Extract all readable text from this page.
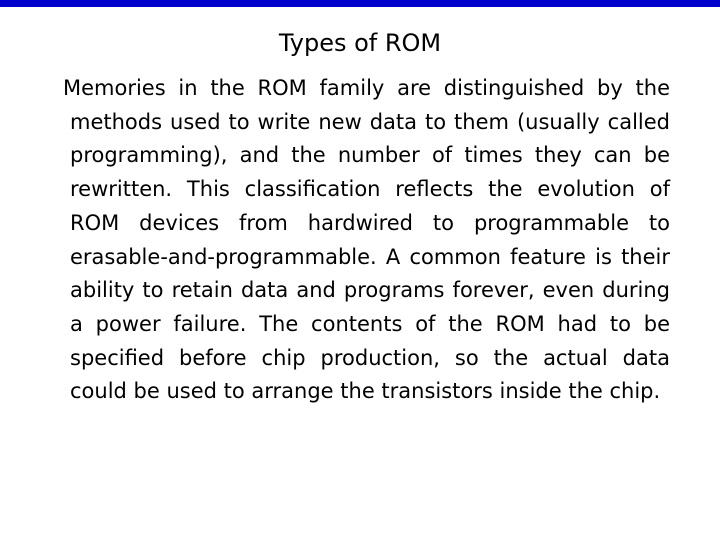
Types of ROM

Memories in the ROM family are distinguished by the methods used to write new data to them (usually called programming), and the number of times they can be rewritten. This classification reflects the evolution of ROM devices from hardwired to programmable to erasable-and-programmable. A common feature is their ability to retain data and programs forever, even during a power failure. The contents of the ROM had to be specified before chip production, so the actual data could be used to arrange the transistors inside the chip.
